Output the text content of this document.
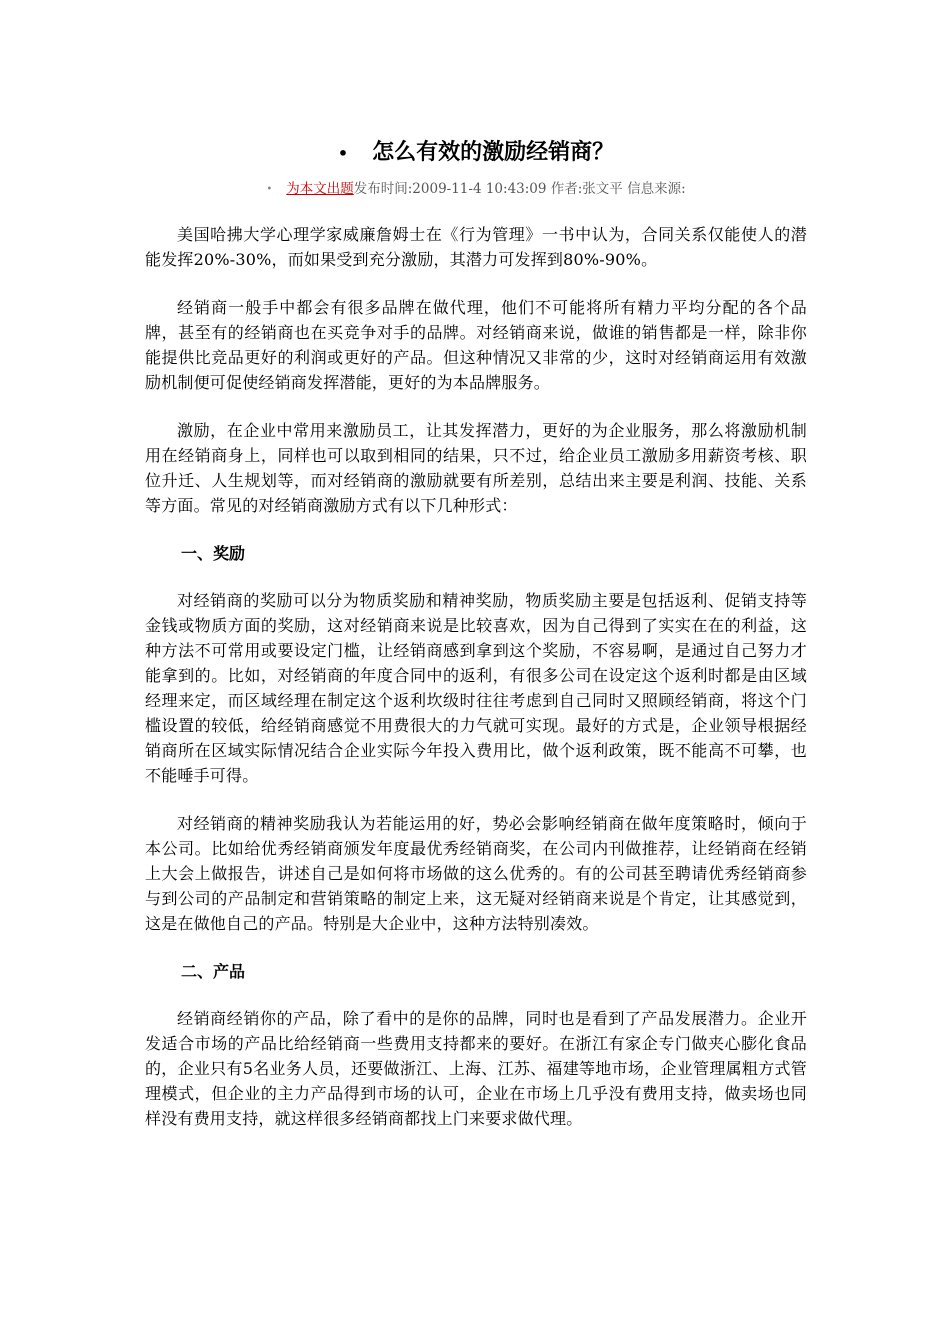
• 怎么有效的激励经销商？
• 为本文出题发布时间:2009-11-4 10:43:09 作者:张文平 信息来源:

美国哈拂大学心理学家威廉詹姆士在《行为管理》一书中认为，合同关系仅能使人的潜能发挥20%-30%，而如果受到充分激励，其潜力可发挥到80%-90%。

经销商一般手中都会有很多品牌在做代理，他们不可能将所有精力平均分配的各个品牌，甚至有的经销商也在买竞争对手的品牌。对经销商来说，做谁的销售都是一样，除非你能提供比竞品更好的利润或更好的产品。但这种情况又非常的少，这时对经销商运用有效激励机制便可促使经销商发挥潜能，更好的为本品牌服务。

激励，在企业中常用来激励员工，让其发挥潜力，更好的为企业服务，那么将激励机制用在经销商身上，同样也可以取到相同的结果，只不过，给企业员工激励多用薪资考核、职位升迁、人生规划等，而对经销商的激励就要有所差别，总结出来主要是利润、技能、关系等方面。常见的对经销商激励方式有以下几种形式：

一、奖励

对经销商的奖励可以分为物质奖励和精神奖励，物质奖励主要是包括返利、促销支持等金钱或物质方面的奖励，这对经销商来说是比较喜欢，因为自己得到了实实在在的利益，这种方法不可常用或要设定门槛，让经销商感到拿到这个奖励，不容易啊，是通过自己努力才能拿到的。比如，对经销商的年度合同中的返利，有很多公司在设定这个返利时都是由区域经理来定，而区域经理在制定这个返利坎级时往往考虑到自己同时又照顾经销商，将这个门槛设置的较低，给经销商感觉不用费很大的力气就可实现。最好的方式是，企业领导根据经销商所在区域实际情况结合企业实际今年投入费用比，做个返利政策，既不能高不可攀，也不能唾手可得。

对经销商的精神奖励我认为若能运用的好，势必会影响经销商在做年度策略时，倾向于本公司。比如给优秀经销商颁发年度最优秀经销商奖，在公司内刊做推荐，让经销商在经销上大会上做报告，讲述自己是如何将市场做的这么优秀的。有的公司甚至聘请优秀经销商参与到公司的产品制定和营销策略的制定上来，这无疑对经销商来说是个肯定，让其感觉到，这是在做他自己的产品。特别是大企业中，这种方法特别凑效。

二、产品

经销商经销你的产品，除了看中的是你的品牌，同时也是看到了产品发展潜力。企业开发适合市场的产品比给经销商一些费用支持都来的要好。在浙江有家企专门做夹心膨化食品的，企业只有5名业务人员，还要做浙江、上海、江苏、福建等地市场，企业管理属粗方式管理模式，但企业的主力产品得到市场的认可，企业在市场上几乎没有费用支持，做卖场也同样没有费用支持，就这样很多经销商都找上门来要求做代理。
